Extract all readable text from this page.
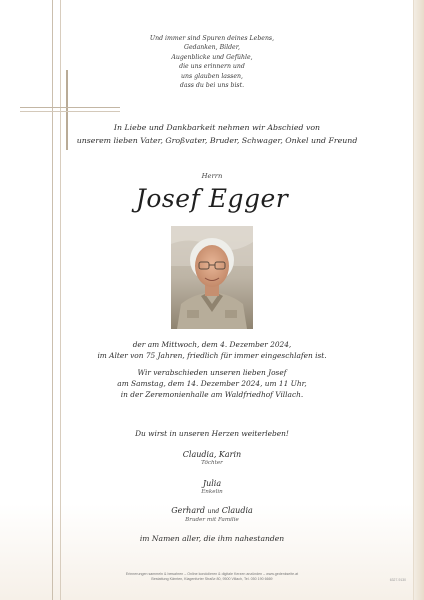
Und immer sind Spuren deines Lebens,
Gedanken, Bilder,
Augenblicke und Gefühle,
die uns erinnern und
uns glauben lassen,
dass du bei uns bist.
In Liebe und Dankbarkeit nehmen wir Abschied von
unserem lieben Vater, Großvater, Bruder, Schwager, Onkel und Freund
Herrn
Josef Egger
der am Mittwoch, dem 4. Dezember 2024,
im Alter von 75 Jahren, friedlich für immer eingeschlafen ist.
Wir verabschieden unseren lieben Josef
am Samstag, dem 14. Dezember 2024, um 11 Uhr,
in der Zeremonienhalle am Waldfriedhof Villach.
Du wirst in unseren Herzen weiterleben!
Claudia, Karin
Töchter
Julia
Enkelin
Gerhard und Claudia
Bruder mit Familie
im Namen aller, die ihm nahestanden
Erinnerungen sammeln & bewahren – Online kondolieren & digitale Kerzen anzünden – www.gedenkseite.at
Bestattung Kärnten, Klagenfurter Straße 80, 9500 Villach, Tel. 050 190 6669	6327-9130
